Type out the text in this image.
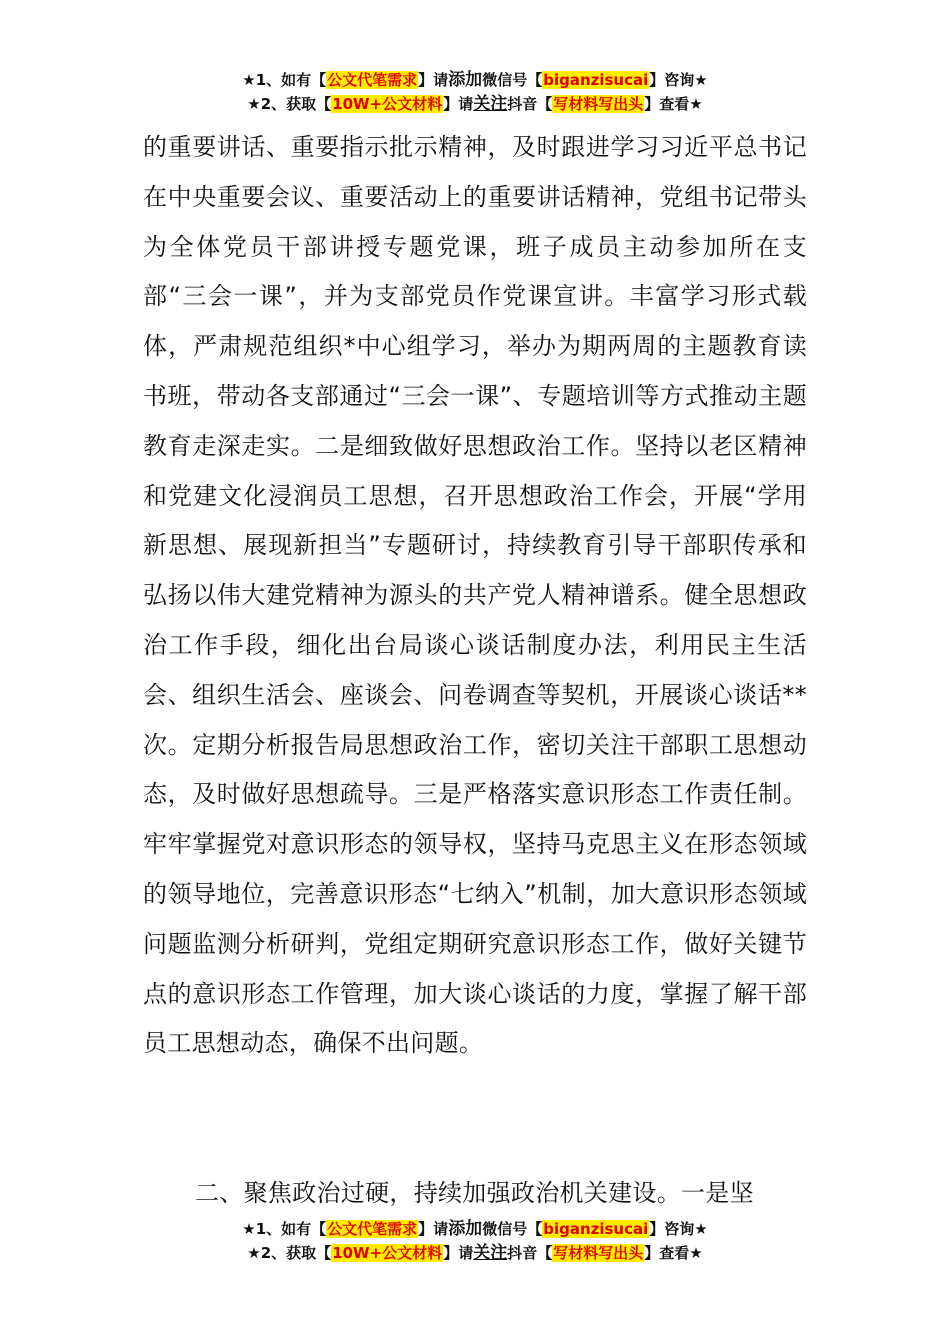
★1、如有【公文代笔需求】请添加微信号【biganzisucai】咨询★
★2、获取【10W+公文材料】请关注抖音【写材料写出头】查看★

的重要讲话、重要指示批示精神，及时跟进学习习近平总书记在中央重要会议、重要活动上的重要讲话精神，党组书记带头为全体党员干部讲授专题党课，班子成员主动参加所在支部“三会一课”，并为支部党员作党课宣讲。丰富学习形式载体，严肃规范组织*中心组学习，举办为期两周的主题教育读书班，带动各支部通过“三会一课”、专题培训等方式推动主题教育走深走实。二是细致做好思想政治工作。坚持以老区精神和党建文化浸润员工思想，召开思想政治工作会，开展“学用新思想、展现新担当”专题研讨，持续教育引导干部职传承和弘扬以伟大建党精神为源头的共产党人精神谱系。健全思想政治工作手段，细化出台局谈心谈话制度办法，利用民主生活会、组织生活会、座谈会、问卷调查等契机，开展谈心谈话**次。定期分析报告局思想政治工作，密切关注干部职工思想动态，及时做好思想疏导。三是严格落实意识形态工作责任制。牢牢掌握党对意识形态的领导权，坚持马克思主义在形态领域的领导地位，完善意识形态“七纳入”机制，加大意识形态领域问题监测分析研判，党组定期研究意识形态工作，做好关键节点的意识形态工作管理，加大谈心谈话的力度，掌握了解干部员工思想动态，确保不出问题。

二、聚焦政治过硬，持续加强政治机关建设。一是坚

★1、如有【公文代笔需求】请添加微信号【biganzisucai】咨询★
★2、获取【10W+公文材料】请关注抖音【写材料写出头】查看★
